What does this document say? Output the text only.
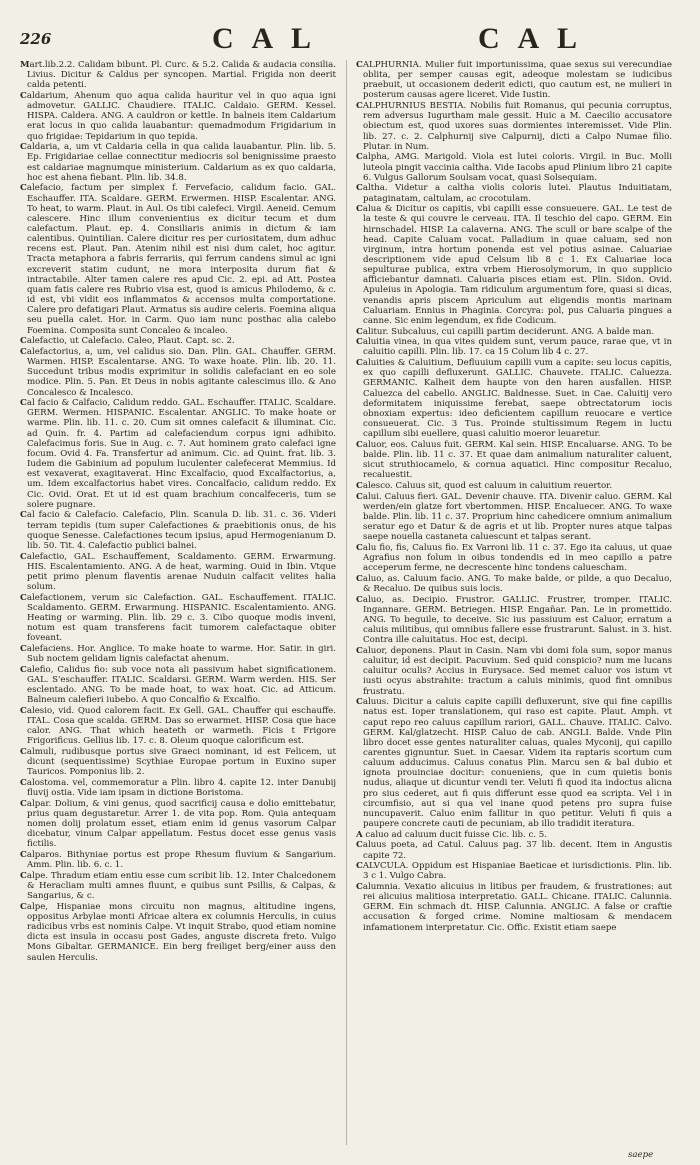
226	C A L	C A L

Mart.lib.2.2. Calidam bibunt. Pl. Curc. & 5.2. Calida & audacia consilia. Livius. Dicitur & Caldus per syncopen. Martial. Frigida non deerit calda petenti.

Caldarium, Ahenum quo aqua calida hauritur vel in quo aqua igni admovetur. GALLIC. Chaudiere. ITALIC. Caldaio. GERM. Kessel. HISPA. Caldera. ANG. A cauldron or kettle. In balneis item Caldarium erat locus in quo calida lauabantur: quemadmodum Frigidarium in quo frigidae: Tepidarium in quo tepida.

Caldaria, a, um vt Caldaria cella in qua calida lauabantur. Plin. lib. 5. Ep. Frigidariae cellae connectitur mediocris sol benignissime praesto est caldariae magnumque ministerium. Caldarium as ex quo caldaria, hoc est ahena fiebant. Plin. lib. 34.8.

Calefacio, factum per simplex f. Fervefacio, calidum facio. GAL. Eschauffer. ITA. Scaldare. GERM. Erwermen. HISP. Escalentar. ANG. To heat, to warm. Plaut. in Aul. Os tibi calefeci. Virgil. Aeneid. Cemum calescere. Hinc illum convenientius ex dicitur tecum et dum calefactum. Plaut. ep. 4. Consiliaris animis in dictum & iam calentibus. Quintilian. Calere dicitur res per curiositatem, dum adhuc recens est. Plaut. Pan. Atenim nihil est nisi dum calet, hoc agitur. Tracta metaphora a fabris ferrariis, qui ferrum candens simul ac igni excreverit statim cudunt, ne mora interposita durum fiat & intractabile. Alter tamen calere res apud Cic. 2. epi. ad Att. Postea quam fatis calere res Rubrio visa est, quod is amicus Philodemo, & c. id est, vbi vidit eos inflammatos & accensos multa comportatione. Calere pro defatigari Plaut. Armatus sis audire celeris. Foemina aliqua seu puella calet. Hor. in Carm. Quo iam nunc posthac alia calebo Foemina. Composita sunt Concaleo & incaleo.

Calefactio, ut Calefacio. Caleo, Plaut. Capt. sc. 2.

Calefactorius, a, um, vel calidus sio. Dan. Plin. GAL. Chauffer. GERM. Warmen. HISP. Escalentarse. ANG. To waxe hoate. Plin. lib. 20. 11. Succedunt tribus modis exprimitur in solidis calefaciant en eo sole modice. Plin. 5. Pan. Et Deus in nobis agitante calescimus illo. & Ano Concalesco & Incalesco.

Cal facio & Calfacio, Calidum reddo. GAL. Eschauffer. ITALIC. Scaldare. GERM. Wermen. HISPANIC. Escalentar. ANGLIC. To make hoate or warme. Plin. lib. 11. c. 20. Cum sit omnes calefacit & illuminat. Cic. ad Quin. fr. 4. Partim ad calefaciendum corpus igni adhibito. Calefacimus foris. Sue in Aug. c. 7. Aut hominem grato calefaci igne focum. Ovid 4. Fa. Transfertur ad animum. Cic. ad Quint. frat. lib. 3. Iudem die Gabinium ad populum luculenter calefecerat Memmius. Id est vexaverat, exagitaverat. Hinc Excalfacio, quod Excalfactorius, a, um. Idem excalfactorius habet vires. Concalfacio, calidum reddo. Ex Cic. Ovid. Orat. Et ut id est quam brachium concalfeceris, tum se solere pugnare.

Cal facio & Calefacio. Calefacio, Plin. Scanula D. lib. 31. c. 36. Videri terram tepidis (tum super Calefactiones & praebitionis onus, de his quoque Senesse. Calefactiones tecum ipsius, apud Hermogenianum D. lib. 50. Tit. 4. Calefactio publici balnei.

Calefactio, GAL. Eschauffement, Scaldamento. GERM. Erwarmung. HIS. Escalentamiento. ANG. A de heat, warming. Ouid in Ibin. Vtque petit primo plenum flaventis arenae Nuduin calfacit velites halia solum.

Calefactionem, verum sic Calefaction. GAL. Eschauffement. ITALIC. Scaldamento. GERM. Erwarmung. HISPANIC. Escalentamiento. ANG. Heating or warming. Plin. lib. 29 c. 3. Cibo quoque modis inveni, notum est quam transferens facit tumorem calefactaque obiter foveant.

Calefaciens. Hor. Anglice. To make hoate to warme. Hor. Satir. in giri. Sub noctem gelidam lignis calefactat ahenum.

Calefio, Calidus fio: sub voce nota ali passivum habet significationem. GAL. S'eschauffer. ITALIC. Scaldarsi. GERM. Warm werden. HIS. Ser esclentado. ANG. To be made hoat, to wax hoat. Cic. ad Atticum. Balneum calefieri iubebo. A quo Concalfio & Excalfio.

Calesio, vid. Quod calorem facit. Ex Gell. GAL. Chauffer qui eschauffe. ITAL. Cosa que scalda. GERM. Das so erwarmet. HISP. Cosa que hace calor. ANG. That which heateth or warmeth. Ficis t Frigore Frigorificus. Gellius lib. 17. c. 8. Oleum quoque calorificum est.

Calmuli, rudibusque portus sive Graeci nominant, id est Felicem, ut dicunt (sequentissime) Scythiae Europae portum in Euxino super Tauricos. Pomponius lib. 2.

Calostoma. vel, commemoratur a Plin. libro 4. capite 12. inter Danubij fluvij ostia. Vide iam ipsam in dictione Boristoma.

Calpar. Dolium, & vini genus, quod sacrificij causa e dolio emittebatur, prius quam degustaretur. Arrer 1. de vita pop. Rom. Quia antequam nomen dolij prolatum esset, etiam enim id genus vasorum Calpar dicebatur, vinum Calpar appellatum. Festus docet esse genus vasis fictilis.

Calparos. Bithyniae portus est prope Rhesum fluvium & Sangarium. Amm. Plin. lib. 6. c. 1.

Calpe. Thradum etiam entiu esse cum scribit lib. 12. Inter Chalcedonem & Heracliam multi amnes fluunt, e quibus sunt Psillis, & Calpas, & Sangarius, & c.

Calpe, Hispaniae mons circuitu non magnus, altitudine ingens, oppositus Arbylae monti Africae altera ex columnis Herculis, in cuius radicibus vrbs est nominis Calpe. Vt inquit Strabo, quod etiam nomine dicta est insula in occasu post Gades, anguste discreta freto. Vulgo Mons Gibaltar. GERMANICE. Ein berg freiliget berg/einer auss den saulen Herculis.

CALPHURNIA. Mulier fuit importunissima, quae sexus sui verecundiae oblita, per semper causas egit, adeoque molestam se iudicibus praebuit, ut occasionem dederit edicti, quo cautum est, ne mulieri in posterum causas agere liceret. Vide Iustin.

CALPHURNIUS BESTIA. Nobilis fuit Romanus, qui pecunia corruptus, rem adversus Iugurtham male gessit. Huic a M. Caecilio accusatore obiectum est, quod uxores suas dormientes interemisset. Vide Plin. lib. 27. c. 2. Calphurnij sive Calpurnij, dicti a Calpo Numae filio. Plutar. in Num.

Calpha, AMG. Marigold. Viola est lutei coloris. Virgil. in Buc. Molli luteola pingit vaccinia caltha. Vide Iacobs apud Plinium libro 21 capite 6. Vulgus Gallorum Soulsam vocat, quasi Solsequiam.

Caltha. Videtur a caltha violis coloris lutei. Plautus Induitiatam, pataginatam, caltulam, ac crocotulam.

Calua & Dicitur os capitis, vbi capilli esse consueuere. GAL. Le test de la teste & qui couvre le cerveau. ITA. Il teschio del capo. GERM. Ein hirnschadel. HISP. La calaverna. ANG. The scull or bare scalpe of the head. Capite Caluam vocat. Palladium in quae caluam, sed non virginum, intra hortum ponenda est vel potius asinae. Caluariae descriptionem vide apud Celsum lib 8 c 1. Ex Caluariae loca sepulturae publica, extra vrbem Hierosolymorum, in quo supplicio afficiebantur damnati. Caluaria pisces etiam est. Plin. Sidon. Ovid. Apuleius in Apologia. Tam ridiculum argumentum fore, quasi si dicas, venandis apris piscem Apriculum aut eligendis montis marinam Caluariam. Ennius in Phaginia. Corcyra: pol, pus Caluaria pingues a canne. Sic enim legendum, ex fide Codicum.

Calitur. Subcaluus, cui capilli partim deciderunt. ANG. A balde man.

Caluitia vinea, in qua vites quidem sunt, verum pauce, rarae que, vt in caluitio capilli. Plin. lib. 17. ca 15 Colum lib 4 c. 27.

Caluities & Caluitium, Defluuium capilli vum a capite: seu locus capitis, ex quo capilli defluxerunt. GALLIC. Chauvete. ITALIC. Caluezza. GERMANIC. Kalheit dem haupte von den haren ausfallen. HISP. Caluezca del cabello. ANGLIC. Baldnesse. Suet. in Cae. Caluitij vero deformitatem iniquissime ferebat, saepe obtrectatorum iocis obnoxiam expertus: ideo deficientem capillum reuocare e vertice consueuerat. Cic. 3 Tus. Proinde stultissimum Regem in luctu capillum sibi euellere, quasi caluitio moeror leuaretur.

Caluor, eos. Caluus fuit. GERM. Kal sein. HISP. Encaluarse. ANG. To be balde. Plin. lib. 11 c. 37. Et quae dam animalium naturaliter caluent, sicut struthiocamelo, & cornua aquatici. Hinc compositur Recaluo, recaluestit.

Calesco. Caluus sit, quod est caluum in caluitium reuertor.

Calui. Caluus fieri. GAL. Devenir chauve. ITA. Divenir caluo. GERM. Kal werden/ein glatze fort vbertommen. HISP. Encaluecer. ANG. To waxe balde. Plin. lib. 11 c. 37. Proprium hinc cahedicere omnium animalium seratur ego et Datur & de agris et ut lib. Propter nures atque talpas saepe nouella castaneta caluescunt et talpas serant.

Calu fio, fis, Caluus fio. Ex Varroni lib. 11 c. 37. Ego ita caluus, ut quae Agrafius non folum in oibus tondendis ed in meo capillo a patre acceperum ferme, ne decrescente hinc tondens caluescham.

Caluo, as. Caluum facio. ANG. To make balde, or pilde, a quo Decaluo, & Recaluo. De quibus suis locis.

Caluo, as. Decipio. Frustror. GALLIC. Frustrer, tromper. ITALIC. Ingannare. GERM. Betriegen. HISP. Engañar. Pan. Le in promettido. ANG. To beguile, to deceive. Sic ius passiuum est Caluor, erratum a caluis militibus, qui omnibus fallere esse frustrarunt. Salust. in 3. hist. Contra ille caluitatus. Hoc est, decipi.

Caluor, deponens. Plaut in Casin. Nam vbi domi fola sum, sopor manus caluitur, id est decipit. Pacuvium. Sed quid conspicio? num me lucans caluitur oculis? Accius in Eurysace. Sed memet caluor vos istum vt iusti ocyus abstrahite: tractum a caluis minimis, quod fint omnibus frustratu.

Caluus. Dicitur a caluis capite capilli defluxerunt, sive qui fine capillis natus est. Ioper translationem, qui raso est capite. Plaut. Amph. vt caput repo reo caluus capillum rariori, GALL. Chauve. ITALIC. Calvo. GERM. Kal/glatzecht. HISP. Caluo de cab. ANGLI. Balde. Vnde Plin libro docet esse gentes naturaliter caluas, quales Myconij, qui capillo carentes gignuntur. Suet. in Caesar. Videm ita raptaris scortum cum caluum adducimus. Caluus conatus Plin. Marcu sen & bal dubio et ignota prouinciae docitur: conueniens, que in cum quietis bonis nudus, aliaque ut dicuntur vendi ter. Veluti fi quod ita indoctus alicna pro sius cederet, aut fi quis differunt esse quod ea scripta. Vel i in circumfisio, aut si qua vel inane quod petens pro supra fuise nuncupaverit. Caluo enim fallitur in quo petitur. Veluti fi quis a paupere concrete cauti de pecuniam, ab illo tradidit iteratura.

A caluo ad caluum ducit fuisse Cic. lib. c. 5.

Caluus poeta, ad Catul. Caluus pag. 37 lib. decent. Item in Angustis capite 72.

CALVCULA. Oppidum est Hispaniae Baeticae et iurisdictionis. Plin. lib. 3 c 1. Vulgo Cabra.

Calumnia. Vexatio alicuius in litibus per fraudem, & frustrationes: aut rei alicuius malitiosa interpretatio. GALL. Chicane. ITALIC. Calunnia. GERM. Ein schmach dt. HISP. Calunnia. ANGLIC. A false or craftie accusation & forged crime. Nomine maltiosam & mendacem infamationem interpretatur. Cic. Offic. Existit etiam saepe

saepe
